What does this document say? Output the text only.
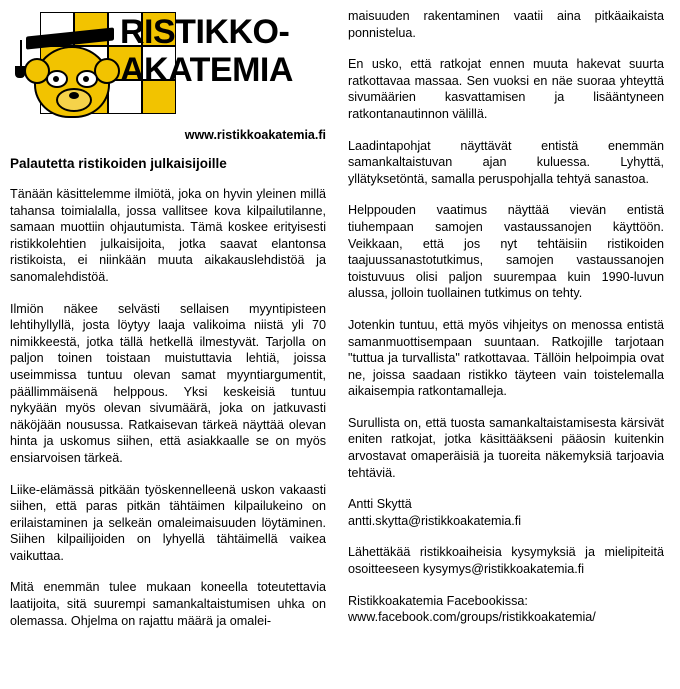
RISTIKKO-
AKATEMIA
www.ristikkoakatemia.fi
Palautetta ristikoiden julkaisijoille

Tänään käsittelemme ilmiötä, joka on hyvin yleinen millä tahansa toimialalla, jossa vallitsee kova kilpailutilanne, samaan muottiin ohjautumista. Tämä koskee erityisesti ristikkolehtien julkaisijoita, jotka saavat elantonsa ristikoista, ei niinkään muuta aikakauslehdistöä ja sanomalehdistöä.

Ilmiön näkee selvästi sellaisen myyntipisteen lehtihyllyllä, josta löytyy laaja valikoima niistä yli 70 nimikkeestä, jotka tällä hetkellä ilmestyvät. Tarjolla on paljon toinen toistaan muistuttavia lehtiä, joissa useimmissa tuntuu olevan samat myyntiargumentit, päällimmäisenä helppous. Yksi keskeisiä tuntuu nykyään myös olevan sivumäärä, joka on jatkuvasti näköjään nousussa. Ratkaisevan tärkeä näyttää olevan hinta ja uskomus siihen, että asiakkaalle se on myös ensiarvoisen tärkeä.

Liike-elämässä pitkään työskennelleenä uskon vakaasti siihen, että paras pitkän tähtäimen kilpailukeino on erilaistaminen ja selkeän omaleimaisuuden löytäminen. Siihen kilpailijoiden on lyhyellä tähtäimellä vaikea vaikuttaa.

Mitä enemmän tulee mukaan koneella toteutettavia laatijoita, sitä suurempi samankaltaistumisen uhka on olemassa. Ohjelma on rajattu määrä ja omalei-

maisuuden rakentaminen vaatii aina pitkäaikaista ponnistelua.

En usko, että ratkojat ennen muuta hakevat suurta ratkottavaa massaa. Sen vuoksi en näe suoraa yhteyttä sivumäärien kasvattamisen ja lisääntyneen ratkontanautinnon välillä.

Laadintapohjat näyttävät entistä enemmän samankaltaistuvan ajan kuluessa. Lyhyttä, yllätyksetöntä, samalla peruspohjalla tehtyä sanastoa.

Helppouden vaatimus näyttää vievän entistä tiuhempaan samojen vastaussanojen käyttöön. Veikkaan, että jos nyt tehtäisiin ristikoiden taajuussanastotutkimus, samojen vastaussanojen toistuvuus olisi paljon suurempaa kuin 1990-luvun alussa, jolloin tuollainen tutkimus on tehty.

Jotenkin tuntuu, että myös vihjeitys on menossa entistä samanmuottisempaan suuntaan. Ratkojille tarjotaan "tuttua ja turvallista" ratkottavaa. Tällöin helpoimpia ovat ne, joissa saadaan ristikko täyteen vain toistelemalla aikaisempia ratkontamalleja.

Surullista on, että tuosta samankaltaistamisesta kärsivät eniten ratkojat, jotka käsittääkseni pääosin kuitenkin arvostavat omaperäisiä ja tuoreita näkemyksiä tarjoavia tehtäviä.

Antti Skyttä

antti.skytta@ristikkoakatemia.fi

Lähettäkää ristikkoaiheisia kysymyksiä ja mielipiteitä osoitteeseen kysymys@ristikkoakatemia.fi

Ristikkoakatemia Facebookissa:

www.facebook.com/groups/ristikkoakatemia/
